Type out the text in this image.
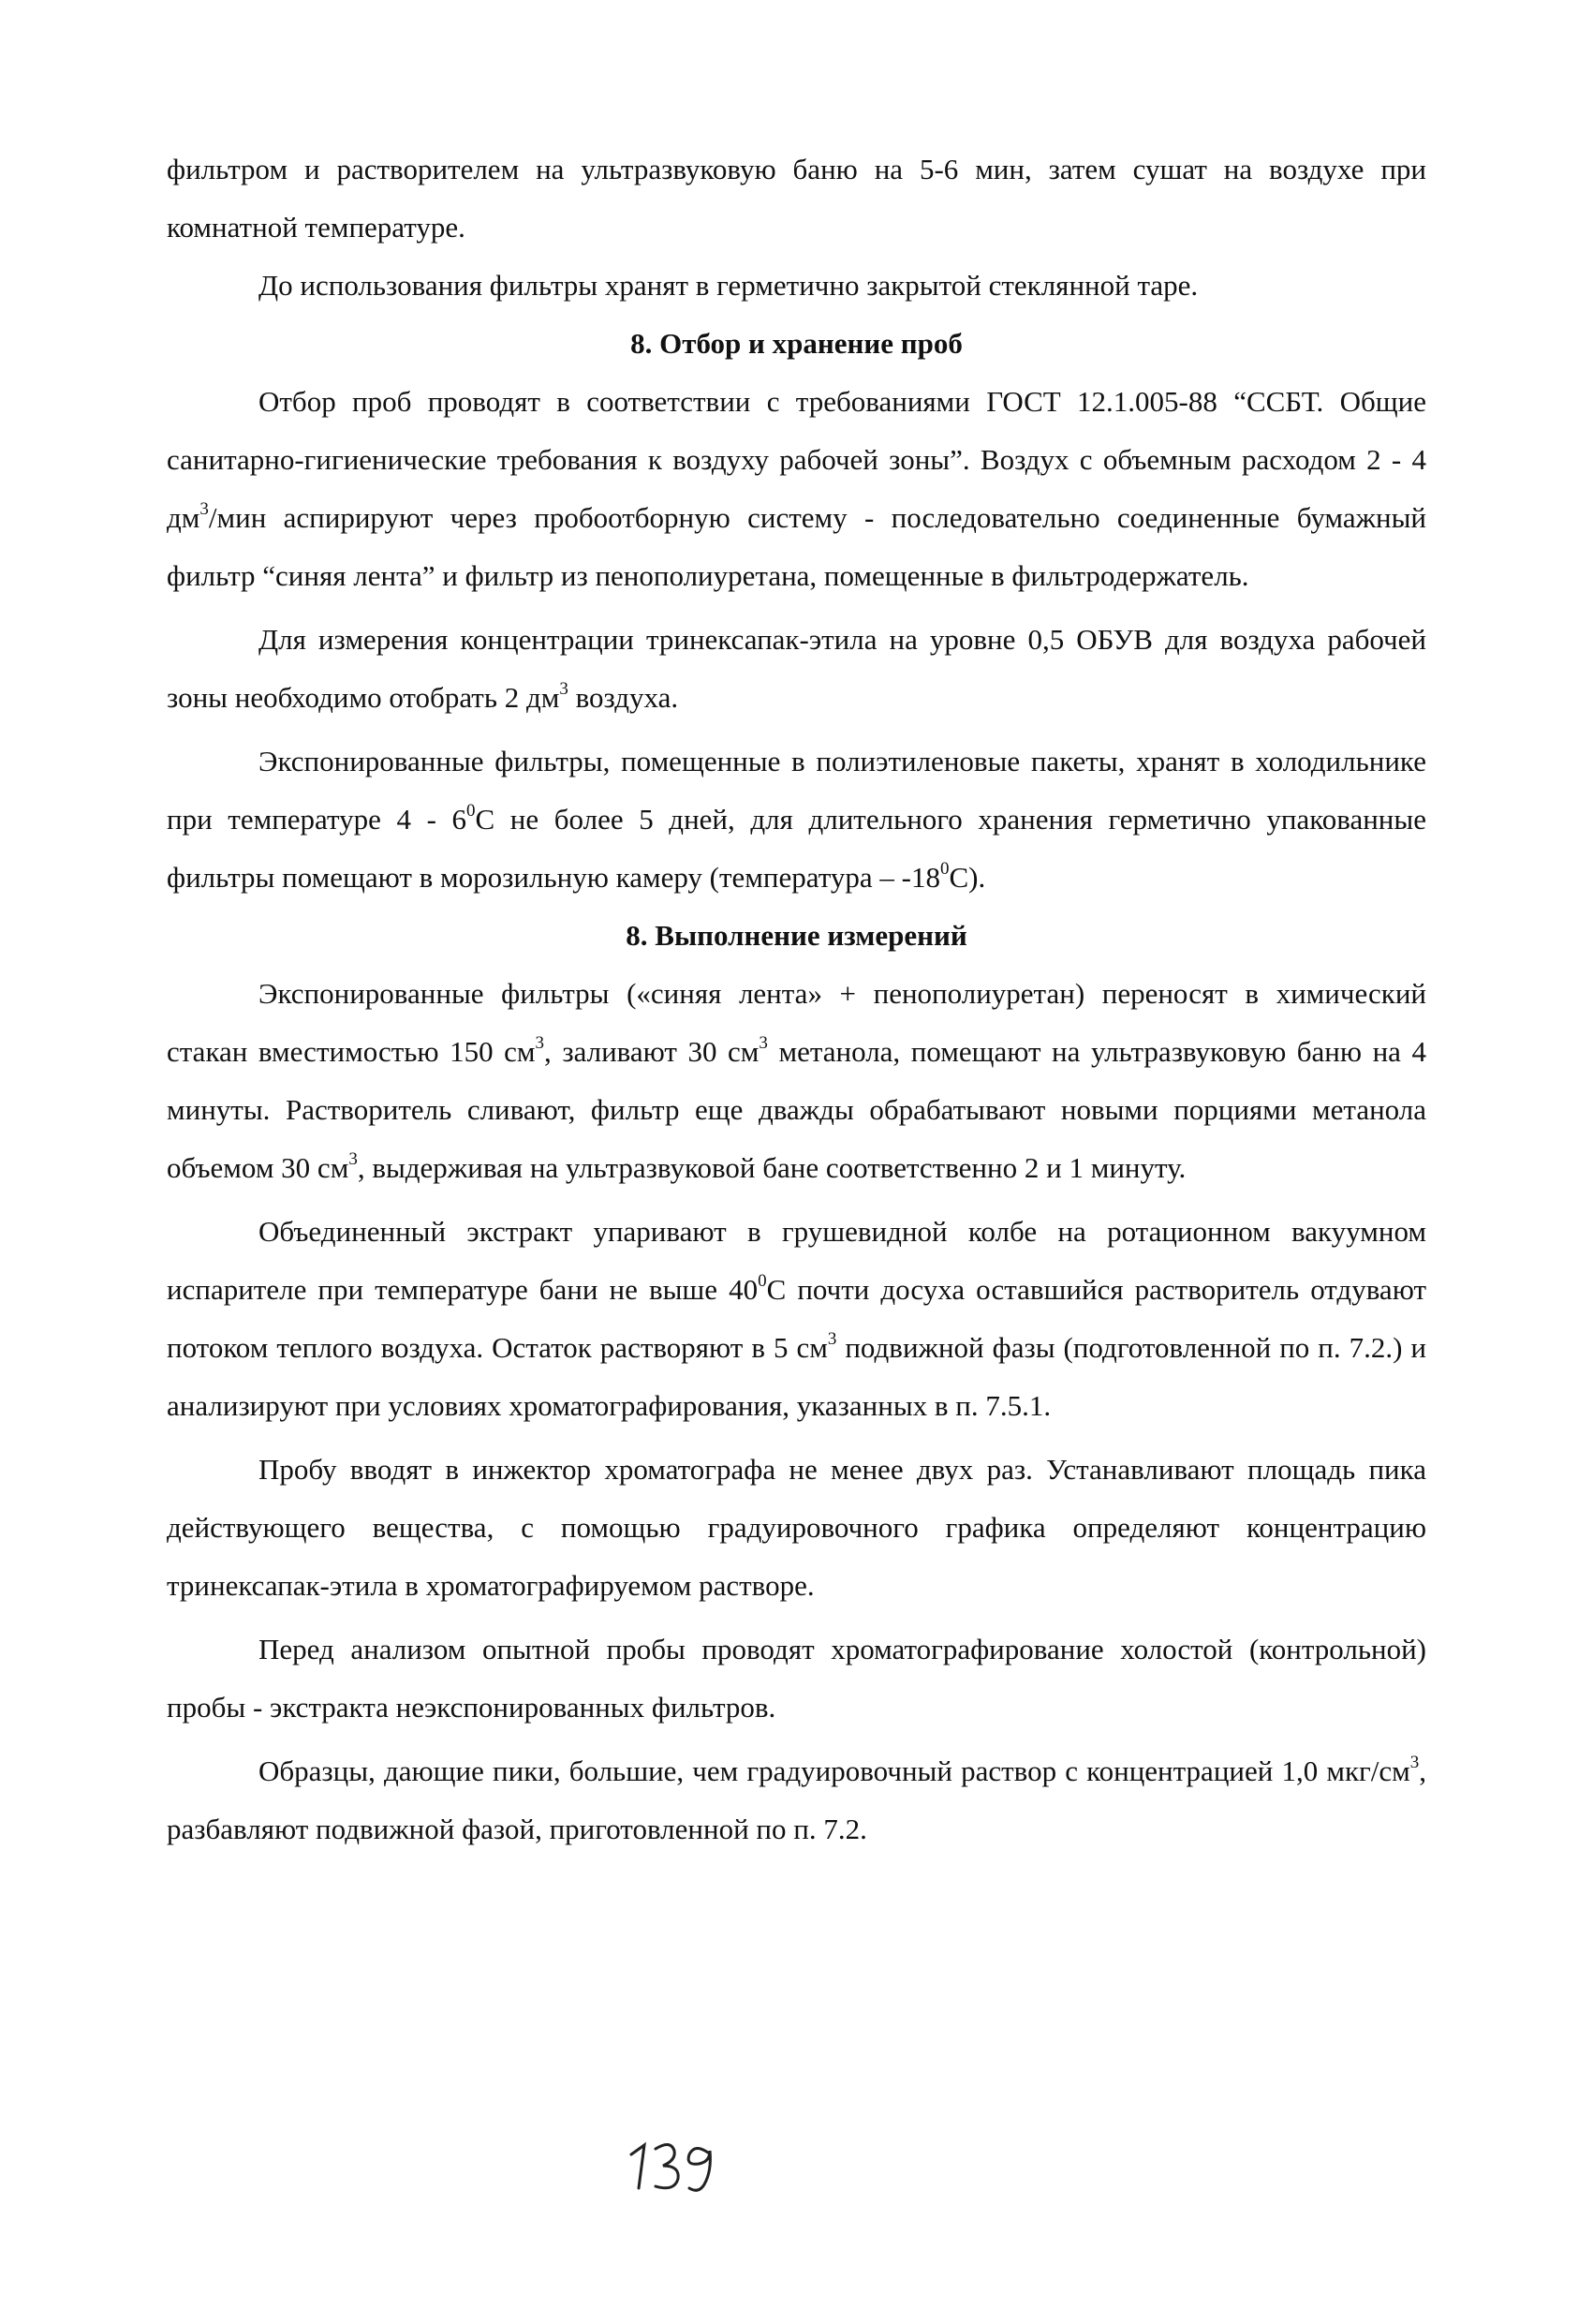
фильтром и растворителем на ультразвуковую баню на 5-6 мин, затем сушат на воздухе при комнатной температуре.

До использования фильтры хранят в герметично закрытой стеклянной таре.

8. Отбор и хранение проб

Отбор проб проводят в соответствии с требованиями ГОСТ 12.1.005-88 “ССБТ. Общие санитарно-гигиенические требования к воздуху рабочей зоны”. Воздух с объемным расходом 2 - 4 $дм^3$/мин аспирируют через пробоотборную систему - последовательно соединенные бумажный фильтр “синяя лента” и фильтр из пенополиуретана, помещенные в фильтродержатель.

Для измерения концентрации тринексапак-этила на уровне 0,5 ОБУВ для воздуха рабочей зоны необходимо отобрать 2 $дм^3$ воздуха.

Экспонированные фильтры, помещенные в полиэтиленовые пакеты, хранят в холодильнике при температуре $4 - 6^0С$ не более 5 дней, для длительного хранения герметично упакованные фильтры помещают в морозильную камеру (температура – $-18^0С$).

8. Выполнение измерений

Экспонированные фильтры («синяя лента» + пенополиуретан) переносят в химический стакан вместимостью 150 $см^3$, заливают 30 $см^3$ метанола, помещают на ультразвуковую баню на 4 минуты. Растворитель сливают, фильтр еще дважды обрабатывают новыми порциями метанола объемом 30 $см^3$, выдерживая на ультразвуковой бане соответственно 2 и 1 минуту.

Объединенный экстракт упаривают в грушевидной колбе на ротационном вакуумном испарителе при температуре бани не выше $40^0С$ почти досуха оставшийся растворитель отдувают потоком теплого воздуха. Остаток растворяют в 5 $см^3$ подвижной фазы (подготовленной по п. 7.2.) и анализируют при условиях хроматографирования, указанных в п. 7.5.1.

Пробу вводят в инжектор хроматографа не менее двух раз. Устанавливают площадь пика действующего вещества, с помощью градуировочного графика определяют концентрацию тринексапак-этила в хроматографируемом растворе.

Перед анализом опытной пробы проводят хроматографирование холостой (контрольной) пробы - экстракта неэкспонированных фильтров.

Образцы, дающие пики, большие, чем градуировочный раствор с концентрацией 1,0 мкг/$см^3$, разбавляют подвижной фазой, приготовленной по п. 7.2.
